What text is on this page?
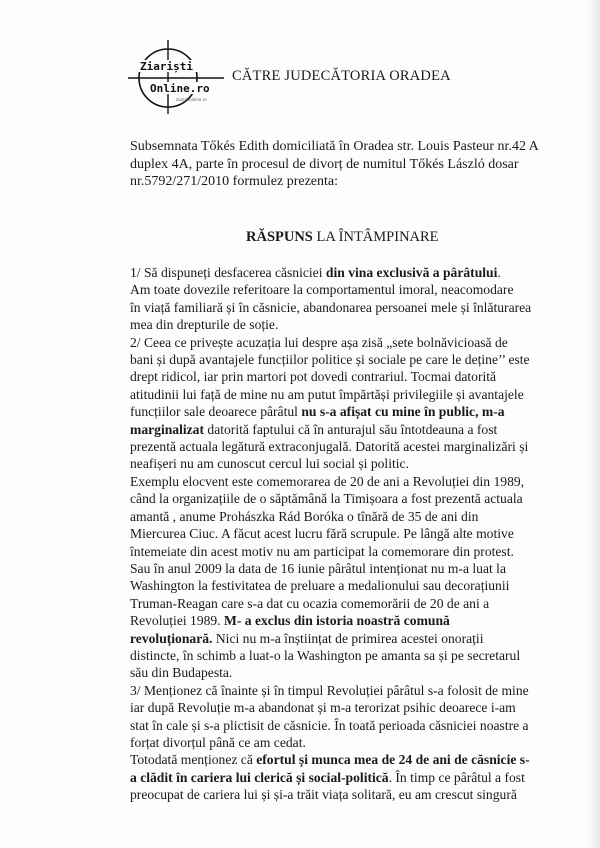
Ziariști
Online.ro
ziaristionline.ro
CĂTRE JUDECĂTORIA ORADEA
Subsemnata Tőkés Edith domiciliată în Oradea str. Louis Pasteur nr.42 A
duplex 4A, parte în procesul de divorț de numitul Tőkés László dosar
nr.5792/271/2010 formulez prezenta:
RĂSPUNS LA ÎNTÂMPINARE
1/ Să dispuneți desfacerea căsniciei din vina exclusivă a pârâtului.
Am toate dovezile referitoare la comportamentul imoral, neacomodare
în viață familiară și în căsnicie, abandonarea persoanei mele și înlăturarea
mea din drepturile de soție.
2/ Ceea ce privește acuzația lui despre așa zisă „sete bolnăvicioasă de
bani și după avantajele funcțiilor politice și sociale pe care le deține’’ este
drept ridicol, iar prin martori pot dovedi contrariul. Tocmai datorită
atitudinii lui față de mine nu am putut împărtăși privilegiile și avantajele
funcțiilor sale deoarece pârâtul nu s-a afișat cu mine în public, m-a
marginalizat datorită faptului că în anturajul său întotdeauna a fost
prezentă actuala legătură extraconjugală. Datorită acestei marginalizări și
neafișeri nu am cunoscut cercul lui social și politic.
Exemplu elocvent este comemorarea de 20 de ani a Revoluției din 1989,
când la organizațiile de o săptămână la Timișoara a fost prezentă actuala
amantă , anume Prohászka Rád Boróka o tînără de 35 de ani din
Miercurea Ciuc. A făcut acest lucru fără scrupule. Pe lângă alte motive
întemeiate din acest motiv nu am participat la comemorare din protest.
Sau în anul 2009 la data de 16 iunie pârâtul intenționat nu m-a luat la
Washington la festivitatea de preluare a medalionului sau decorațiunii
Truman-Reagan care s-a dat cu ocazia comemorării de 20 de ani a
Revoluției 1989. M- a exclus din istoria noastră comună
revoluționară. Nici nu m-a înștiințat de primirea acestei onorații
distincte, în schimb a luat-o la Washington pe amanta sa și pe secretarul
său din Budapesta.
3/ Menționez că înainte și în timpul Revoluției pârâtul s-a folosit de mine
iar după Revoluție m-a abandonat și m-a terorizat psihic deoarece i-am
stat în cale și s-a plictisit de căsnicie. În toată perioada căsniciei noastre a
forțat divorțul până ce am cedat.
Totodată menționez că efortul și munca mea de 24 de ani de căsnicie s-
a clădit în cariera lui clerică și social-politică. În timp ce pârâtul a fost
preocupat de cariera lui și și-a trăit viața solitară, eu am crescut singură
